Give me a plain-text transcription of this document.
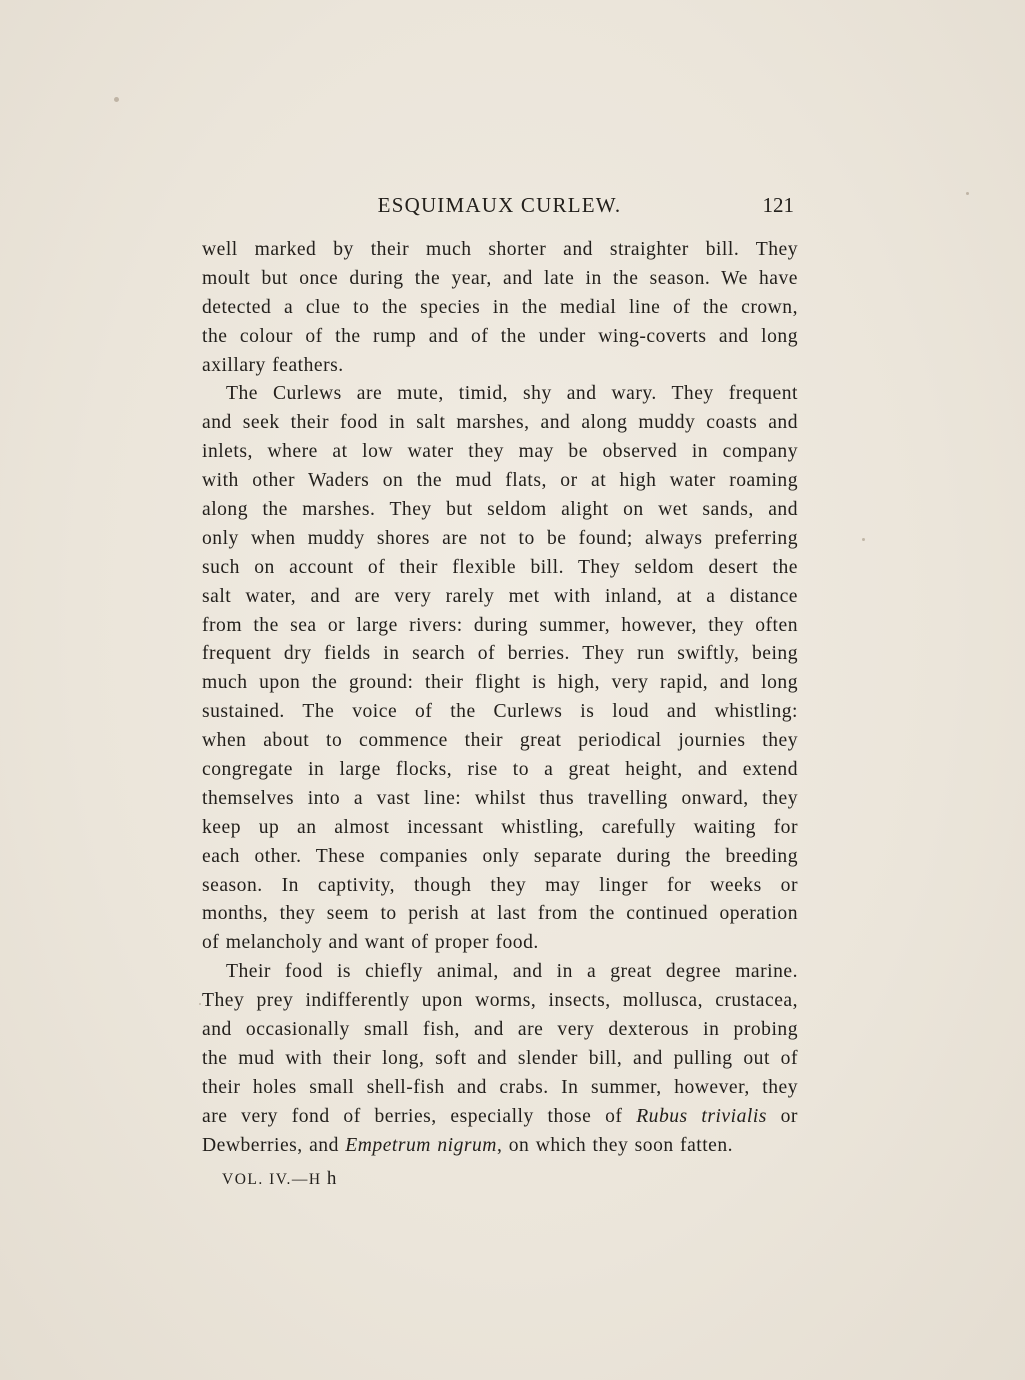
ESQUIMAUX CURLEW.	121
well marked by their much shorter and straighter bill. They
moult but once during the year, and late in the season. We have
detected a clue to the species in the medial line of the crown,
the colour of the rump and of the under wing-coverts and long
axillary feathers.
The Curlews are mute, timid, shy and wary. They frequent
and seek their food in salt marshes, and along muddy coasts and
inlets, where at low water they may be observed in company
with other Waders on the mud flats, or at high water roaming
along the marshes. They but seldom alight on wet sands, and
only when muddy shores are not to be found; always preferring
such on account of their flexible bill. They seldom desert the
salt water, and are very rarely met with inland, at a distance
from the sea or large rivers: during summer, however, they often
frequent dry fields in search of berries. They run swiftly, being
much upon the ground: their flight is high, very rapid, and long
sustained. The voice of the Curlews is loud and whistling:
when about to commence their great periodical journies they
congregate in large flocks, rise to a great height, and extend
themselves into a vast line: whilst thus travelling onward, they
keep up an almost incessant whistling, carefully waiting for
each other. These companies only separate during the breeding
season. In captivity, though they may linger for weeks or
months, they seem to perish at last from the continued operation
of melancholy and want of proper food.
Their food is chiefly animal, and in a great degree marine.
They prey indifferently upon worms, insects, mollusca, crustacea,
and occasionally small fish, and are very dexterous in probing
the mud with their long, soft and slender bill, and pulling out of
their holes small shell-fish and crabs. In summer, however, they
are very fond of berries, especially those of Rubus trivialis or
Dewberries, and Empetrum nigrum, on which they soon fatten.
VOL. IV.—H h
